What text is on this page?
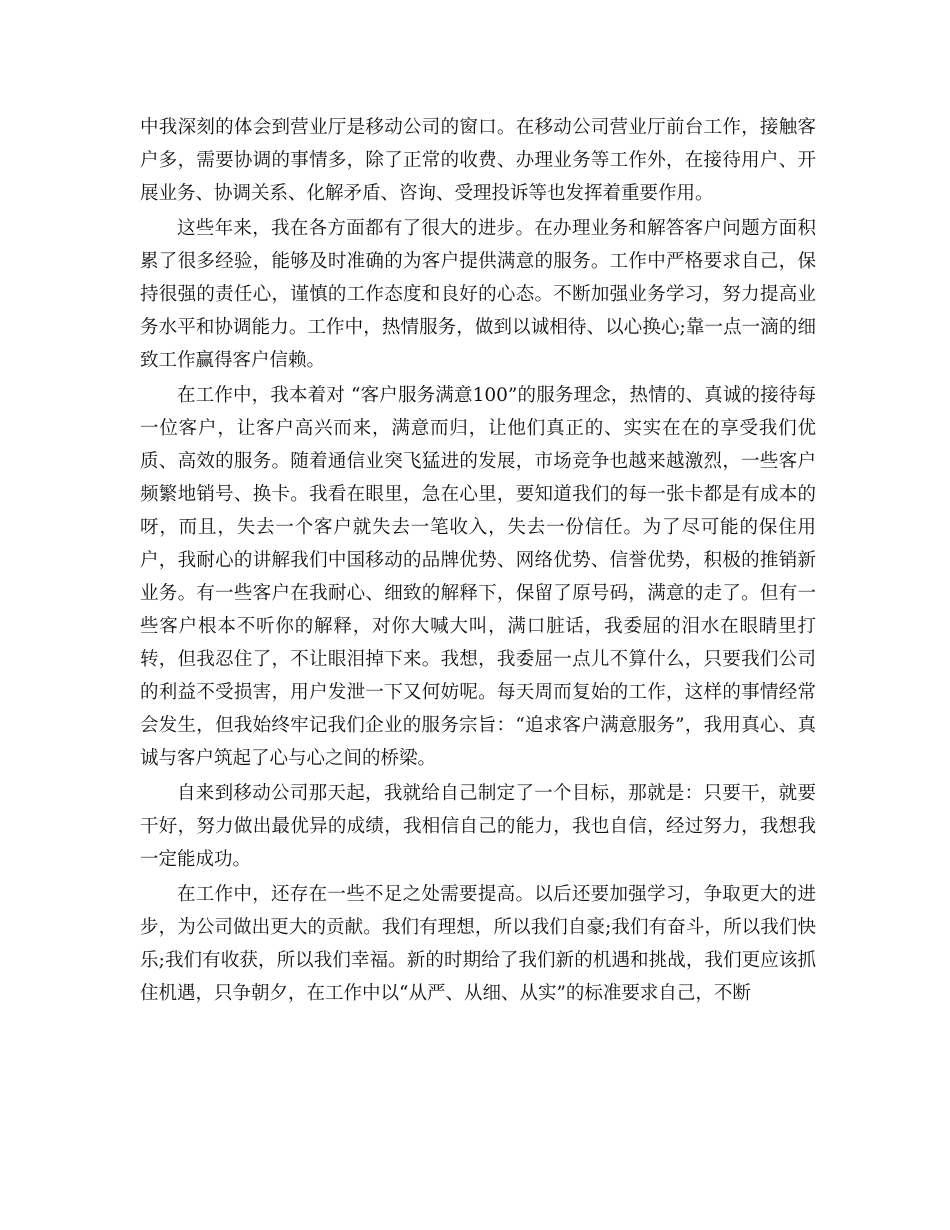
中我深刻的体会到营业厅是移动公司的窗口。在移动公司营业厅前台工作，接触客户多，需要协调的事情多，除了正常的收费、办理业务等工作外，在接待用户、开展业务、协调关系、化解矛盾、咨询、受理投诉等也发挥着重要作用。

这些年来，我在各方面都有了很大的进步。在办理业务和解答客户问题方面积累了很多经验，能够及时准确的为客户提供满意的服务。工作中严格要求自己，保持很强的责任心，谨慎的工作态度和良好的心态。不断加强业务学习，努力提高业务水平和协调能力。工作中，热情服务，做到以诚相待、以心换心;靠一点一滴的细致工作赢得客户信赖。

在工作中，我本着对 “客户服务满意100”的服务理念，热情的、真诚的接待每一位客户，让客户高兴而来，满意而归，让他们真正的、实实在在的享受我们优质、高效的服务。随着通信业突飞猛进的发展，市场竞争也越来越激烈，一些客户频繁地销号、换卡。我看在眼里，急在心里，要知道我们的每一张卡都是有成本的呀，而且，失去一个客户就失去一笔收入，失去一份信任。为了尽可能的保住用户，我耐心的讲解我们中国移动的品牌优势、网络优势、信誉优势，积极的推销新业务。有一些客户在我耐心、细致的解释下，保留了原号码，满意的走了。但有一些客户根本不听你的解释，对你大喊大叫，满口脏话，我委屈的泪水在眼睛里打转，但我忍住了，不让眼泪掉下来。我想，我委屈一点儿不算什么，只要我们公司的利益不受损害，用户发泄一下又何妨呢。每天周而复始的工作，这样的事情经常会发生，但我始终牢记我们企业的服务宗旨：“追求客户满意服务”，我用真心、真诚与客户筑起了心与心之间的桥梁。

自来到移动公司那天起，我就给自己制定了一个目标，那就是：只要干，就要干好，努力做出最优异的成绩，我相信自己的能力，我也自信，经过努力，我想我一定能成功。

在工作中，还存在一些不足之处需要提高。以后还要加强学习，争取更大的进步，为公司做出更大的贡献。我们有理想，所以我们自豪;我们有奋斗，所以我们快乐;我们有收获，所以我们幸福。新的时期给了我们新的机遇和挑战，我们更应该抓住机遇，只争朝夕，在工作中以“从严、从细、从实”的标准要求自己，不断
